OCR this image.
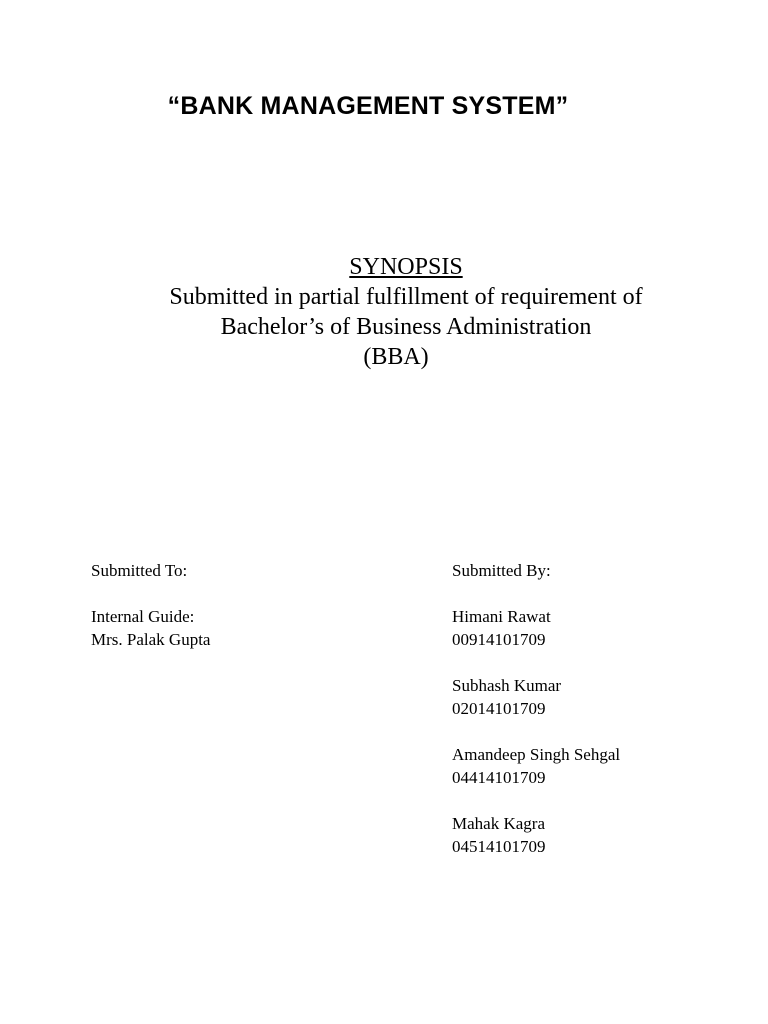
“BANK MANAGEMENT SYSTEM”
SYNOPSIS
Submitted in partial fulfillment of requirement of
Bachelor’s of Business Administration
(BBA)
Submitted To:
Internal Guide:
Mrs. Palak Gupta
Submitted By:
Himani Rawat
00914101709
Subhash Kumar
02014101709
Amandeep Singh Sehgal
04414101709
Mahak Kagra
04514101709
